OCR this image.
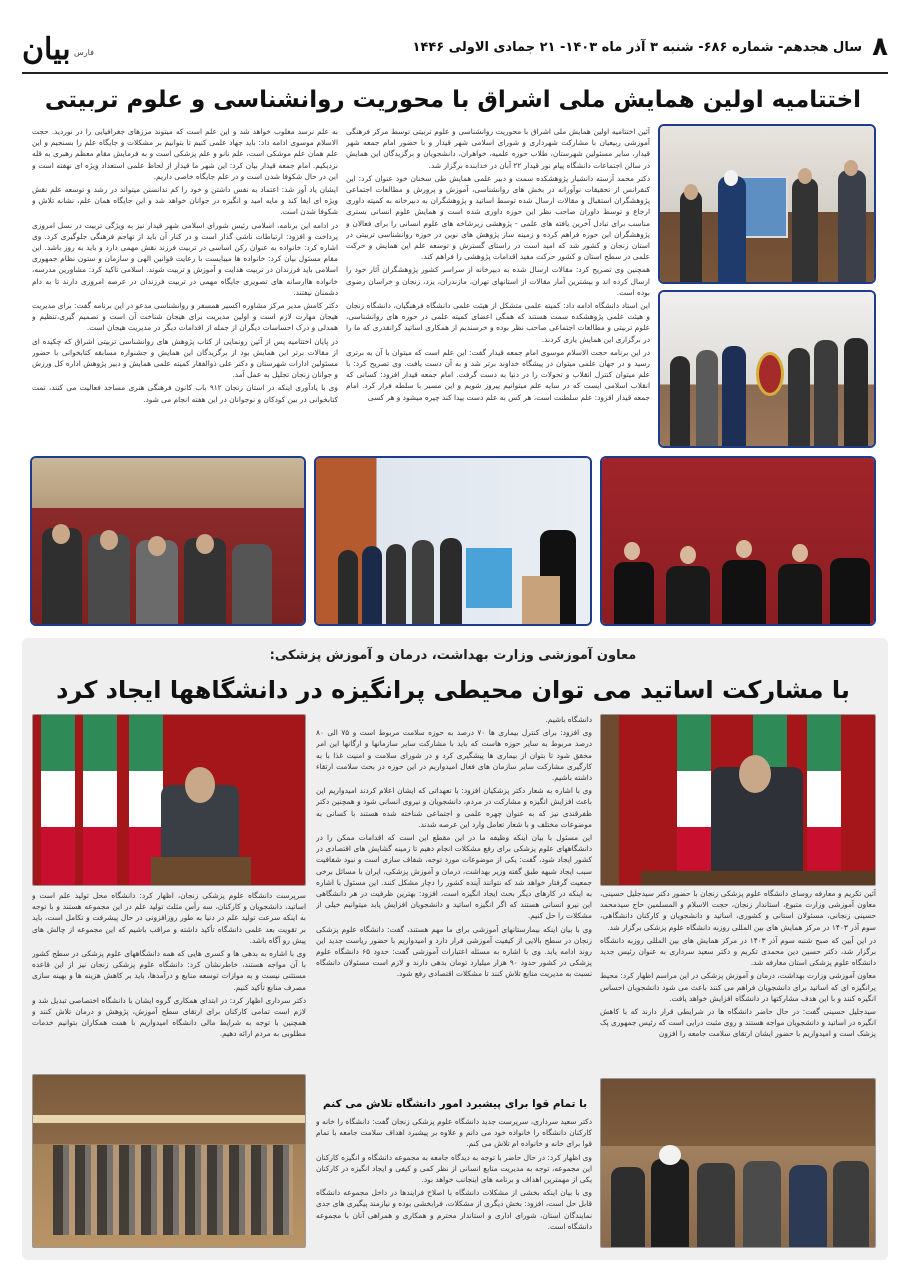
بیان فارس	سال هجدهم- شماره ۶۸۶- شنبه ۳ آذر ماه ۱۴۰۳- ۲۱ جمادی الاولی ۱۴۴۶ ۸
اختتامیه اولین همایش ملی اشراق با محوریت روانشناسی و علوم تربیتی

آئین اختتامیه اولین همایش ملی اشراق با محوریت روانشناسی و علوم تربیتی توسط مرکز فرهنگی آموزشی ربیعیان با مشارکت شهرداری و شورای اسلامی شهر قیدار و با حضور امام جمعه شهر قیدار، سایر مسئولین شهرستان، طلاب حوزه علمیه، خواهران، دانشجویان و برگزیدگان این همایش در سالن اجتماعات دانشگاه پیام نور قیدار ۲۲ آبان در خدابنده برگزار شد.

دکتر محمد آرسته دانشیار پژوهشکده سمت و دبیر علمی همایش طی سخنان خود عنوان کرد: این کنفرانس از تحقیقات نوآورانه در بخش های روانشناسی، آموزش و پرورش و مطالعات اجتماعی پژوهشگران استقبال و مقالات ارسال شده توسط اساتید و پژوهشگران به دبیرخانه به کمیته داوری ارجاع و توسط داوران صاحب نظر این حوزه داوری شده است و همایش علوم انسانی بستری مناسب برای تبادل آخرین یافته های علمی - پژوهشی زیرشاخه های علوم انسانی را برای فعالان و پژوهشگران این حوزه فراهم کرده و زمینه ساز پژوهش های نوین در حوزه روانشناسی تربیتی در استان زنجان و کشور شد که امید است در راستای گسترش و توسعه علم این همایش و حرکت علمی در سطح استان و کشور حرکت مفید اقدامات پژوهشی را فراهم کند.

همچنین وی تصریح کرد: مقالات ارسال شده به دبیرخانه از سراسر کشور پژوهشگران آثار خود را ارسال کرده اند و بیشترین آمار مقالات از استانهای تهران، مازندران، یزد، زنجان و خراسان رضوی بوده است.

این استاد دانشگاه ادامه داد: کمیته علمی متشکل از هیئت علمی دانشگاه فرهنگیان، دانشگاه زنجان و هیئت علمی پژوهشکده سمت هستند که همگی اعضای کمیته علمی در حوزه های روانشناسی، علوم تربیتی و مطالعات اجتماعی صاحب نظر بوده و خرسندیم از همکاری اساتید گرانقدری که ما را در برگزاری این همایش یاری کردند.

در این برنامه حجت الاسلام موسوی امام جمعه قیدار گفت: این علم است که میتوان با آن به برتری رسید و در جهان علمی میتوان در پیشگاه خداوند برتر شد و به آن دست یافت. وی تصریح کرد: با علم میتوان کنترل انقلاب و تحولات را در دنیا به دست گرفت. امام جمعه قیدار افزود: کسانی که انقلاب اسلامی ایست که در سایه علم میتوانیم پیروز شویم و این مسیر با سلطه فرار کرد. امام جمعه قیدار افزود: علم سلطنت است، هر کس به علم دست یپدا کند چیره میشود و هر کسی

به علم نرسد مغلوب خواهد شد و این علم است که میتوند مرزهای جغرافیایی را در نوردید. حجت الاسلام موسوی ادامه داد: باید جهاد علمی کنیم تا بتوانیم بر مشکلات و جایگاه علم را بسنجیم و این علم همان علم موشکی است، علم نانو و علم پزشکی است و به فرمایش مقام معظم رهبری به قله نزدیکیم. امام جمعه قیدار بیان کرد: این شهر ما قیدار از لحاظ علمی استعداد ویژه ای نهفته است و این در حال شکوفا شدن است و در علم جایگاه خاصی داریم.

ایشان یاد آور شد: اعتماد به نفس داشتن و خود را کم ندانستن میتواند در رشد و توسعه علم نقش ویژه ای ایفا کند و مایه امید و انگیزه در جوانان خواهد شد و این جایگاه همان علم، نشانه تلاش و شکوفا شدن است.

در ادامه این برنامه، اسلامی رئیس شورای اسلامی شهر قیدار نیز به ویژگی تربیت در نسل امروزی پرداخت و افزود: ارتباطات ناشی گذار است و در کنار آن باید از تهاجم فرهنگی جلوگیری کرد. وی اشاره کرد: خانواده به عنوان رکن اساسی در تربیت فرزند نقش مهمی دارد و باید به روز باشد. این مقام مسئول بیان کرد: خانواده ها میبایست با رعایت قوانین الهی و سازمان و ستون نظام جمهوری اسلامی باید فرزندان در تربیت هدایت و آموزش و تربیت شوند. اسلامی تاکید کرد: مشاورین مدرسه، خانواده هاارسانه های تصویری جایگاه مهمی در تربیت فرزندان در عرصه امروزی دارند تا به دام دشمنان نیفتند.

دکتر کامش مدیر مرکز مشاوره اکسیر همسفر و روانشناسی مدعو در این برنامه گفت: برای مدیریت هیجان مهارت لازم است و اولین مدیریت برای هیجان شناخت آن است و تصمیم گیری،تنظیم و همدلی و درک احساسات دیگران از جمله از اقدامات دیگر در مدیریت هیجان است.

در پایان اختتامیه پس از آئین رونمایی از کتاب پژوهش های روانشناسی تربیتی اشراق که چکیده ای از مقالات برتر این همایش بود از برگزیدگان این همایش و جشنواره مسابقه کتابخوانی با حضور مسئولین ادارات شهرستان و دکتر علی ذوالفقار کمیته علمی همایش و دبیر پژوهش اداره کل ورزش و جوانان زنجان تجلیل به عمل آمد.

وی با یادآوری اینکه در استان زنجان ۹۱۲ باب کانون فرهنگی هنری مساجد فعالیت می کنند، تمت کتابخوانی در بین کودکان و نوجوانان در این هفته انجام می شود.

معاون آموزشی وزارت بهداشت، درمان و آموزش پزشکی:
با مشارکت اساتید می توان محیطی پرانگیزه در دانشگاهها ایجاد کرد

آئین تکریم و معارفه روسای دانشگاه علوم پزشکی زنجان با حضور دکتر سیدجلیل حسینی، معاون آموزشی وزارت متبوع، استاندار زنجان، حجت الاسلام و المسلمین حاج سیدمحمد حسینی زنجانی، مسئولان استانی و کشوری، اساتید و دانشجویان و کارکنان دانشگاهی، سوم آذر ۱۴۰۳ در مرکز همایش های بین المللی روزبه دانشگاه علوم پزشکی برگزار شد.

در این آیین که صبح شنبه سوم آذر ۱۴۰۳ در مرکز همایش های بین المللی روزبه دانشگاه برگزار شد، دکتر حسین دین محمدی تکریم و دکتر سعید سرداری به عنوان رئیس جدید دانشگاه علوم پزشکی استان معارفه شد.

معاون آموزشی وزارت بهداشت، درمان و آموزش پزشکی در این مراسم اظهار کرد: محیط پرانگیزه ای که اساتید برای دانشجویان فراهم می کنند باعث می شود دانشجویان احساس انگیزه کنند و با این هدف مشارکتها در دانشگاه افزایش خواهد یافت.

سیدجلیل حسینی گفت: در حال حاضر دانشگاه ها در شرایطی قرار دارند که با کاهش انگیزه در اساتید و دانشجویان مواجه هستند و روی مثبت درایی است که رئیس جمهوری پک پزشک است و امیدواریم با حضور ایشان ارتقای سلامت جامعه را افزون

دانشگاه باشیم.

وی افزود: برای کنترل بیماری ها ۷۰ درصد به حوزه سلامت مربوط است و ۷۵ الی ۸۰ درصد مربوط به سایر حوزه هاست که باید با مشارکت سایر سازمانها و ارگانها این امر محقق شود تا بتوان از بیماری ها پیشگیری کرد و در شورای سلامت و امنیت غذا با به کارگیری مشارکت سایر سازمان های فعال امیدواریم در این حوزه در بحث سلامت ارتقاء داشته باشیم.

وی با اشاره به شعار دکتر پزشکیان افزود: با تعهداتی که ایشان اعلام کردند امیدواریم این باعث افزایش انگیزه و مشارکت در مردم، دانشجویان و نیروی انسانی شود و همچنین دکتر ظفرقندی نیز که به عنوان چهره علمی و اجتماعی شناخته شده هستند با کسانی به موضوعات مختلف و با شعار تعامل وارد این عرصه شدند.

این مسئول با بیان اینکه وظیفه ما در این مقطع این است که اقدامات ممکن را در دانشگاههای علوم پزشکی برای رفع مشکلات انجام دهیم تا زمینه گشایش های اقتصادی در کشور ایجاد شود، گفت: یکی از موضوعات مورد توجه، شفاف سازی است و نبود شفافیت سبب ایجاد شبهه طبق گفته وزیر بهداشت، درمان و آموزش پزشکی، ایران با مسائل برخی جمعیت گرفتار خواهد شد که نتوانند آینده کشور را دچار مشکل کنند. این مسئول با اشاره به اینکه در کارهای دیگر بحث ایجاد انگیزه است، افزود: بهترین ظرفیت در هر دانشگاهی این نیرو انسانی هستند که اگر انگیزه اساتید و دانشجویان افزایش یابد میتوانیم خیلی از مشکلات را حل کنیم.

وی با بیان اینکه بیمارستانهای آموزشی برای ما مهم هستند، گفت: دانشگاه علوم پزشکی زنجان در سطح بالایی از کیفیت آموزشی قرار دارد و امیدواریم با حضور ریاست جدید این روند ادامه یابد. وی با اشاره به مسئله اعتبارات آموزشی گفت: حدود ۶۵ دانشگاه علوم پزشکی در کشور حدود ۹۰ هزار میلیارد تومان بدهی دارند و لازم است مسئولان دانشگاه نسبت به مدیریت منابع تلاش کنند تا مشکلات اقتصادی رفع شود.

سرپرست دانشگاه علوم پزشکی زنجان، اظهار کرد: دانشگاه محل تولید علم است و اساتید، دانشجویان و کارکنان، سه رأس مثلث تولید علم در این مجموعه هستند و با توجه به اینکه سرعت تولید علم در دنیا به طور روزافزونی در حال پیشرفت و تکامل است، باید بر تقویت بعد علمی دانشگاه تأکید داشته و مراقب باشیم که این مجموعه از چالش های پیش رو آگاه باشد.

وی با اشاره به بدهی ها و کسری هایی که همه دانشگاههای علوم پزشکی در سطح کشور با آن مواجه هستند، خاطرنشان کرد: دانشگاه علوم پزشکی زنجان نیز از این قاعده مستثنی نیست و به موازات توسعه منابع و درآمدها، باید بر کاهش هزینه ها و بهینه سازی مصرف منابع تأکید کنیم.

دکتر سرداری اظهار کرد: در ابتدای همکاری گروه ایشان با دانشگاه اختصاصی تبدیل شد و لازم است تمامی کارکنان برای ارتقای سطح آموزش، پژوهش و درمان تلاش کنند و همچنین با توجه به شرایط مالی دانشگاه امیدواریم با همت همکاران بتوانیم خدمات مطلوبی به مردم ارائه دهیم.

با تمام قوا برای پیشبرد امور دانشگاه تلاش می کنم

دکتر سعید سرداری، سرپرست جدید دانشگاه علوم پزشکی زنجان گفت: دانشگاه را خانه و کارکنان دانشگاه را خانواده خود می دانم و علاوه بر پیشبرد اهداف سلامت جامعه با تمام قوا برای خانه و خانواده ام تلاش می کنم.

وی اظهار کرد: در حال حاضر با توجه به دیدگاه جامعه به مجموعه دانشگاه و انگیزه کارکنان این مجموعه، توجه به مدیریت منابع انسانی از نظر کمی و کیفی و ایجاد انگیزه در کارکنان یکی از مهمترین اهداف و برنامه های اینجانب خواهد بود.

وی با بیان اینکه بخشی از مشکلات دانشگاه با اصلاح فرایندها در داخل مجموعه دانشگاه قابل حل است، افزود: بخش دیگری از مشکلات، فرابخشی بوده و نیازمند پیگیری های جدی نمایندگان استان، شورای اداری و استاندار محترم و همکاری و همراهی آنان با مجموعه دانشگاه است.
